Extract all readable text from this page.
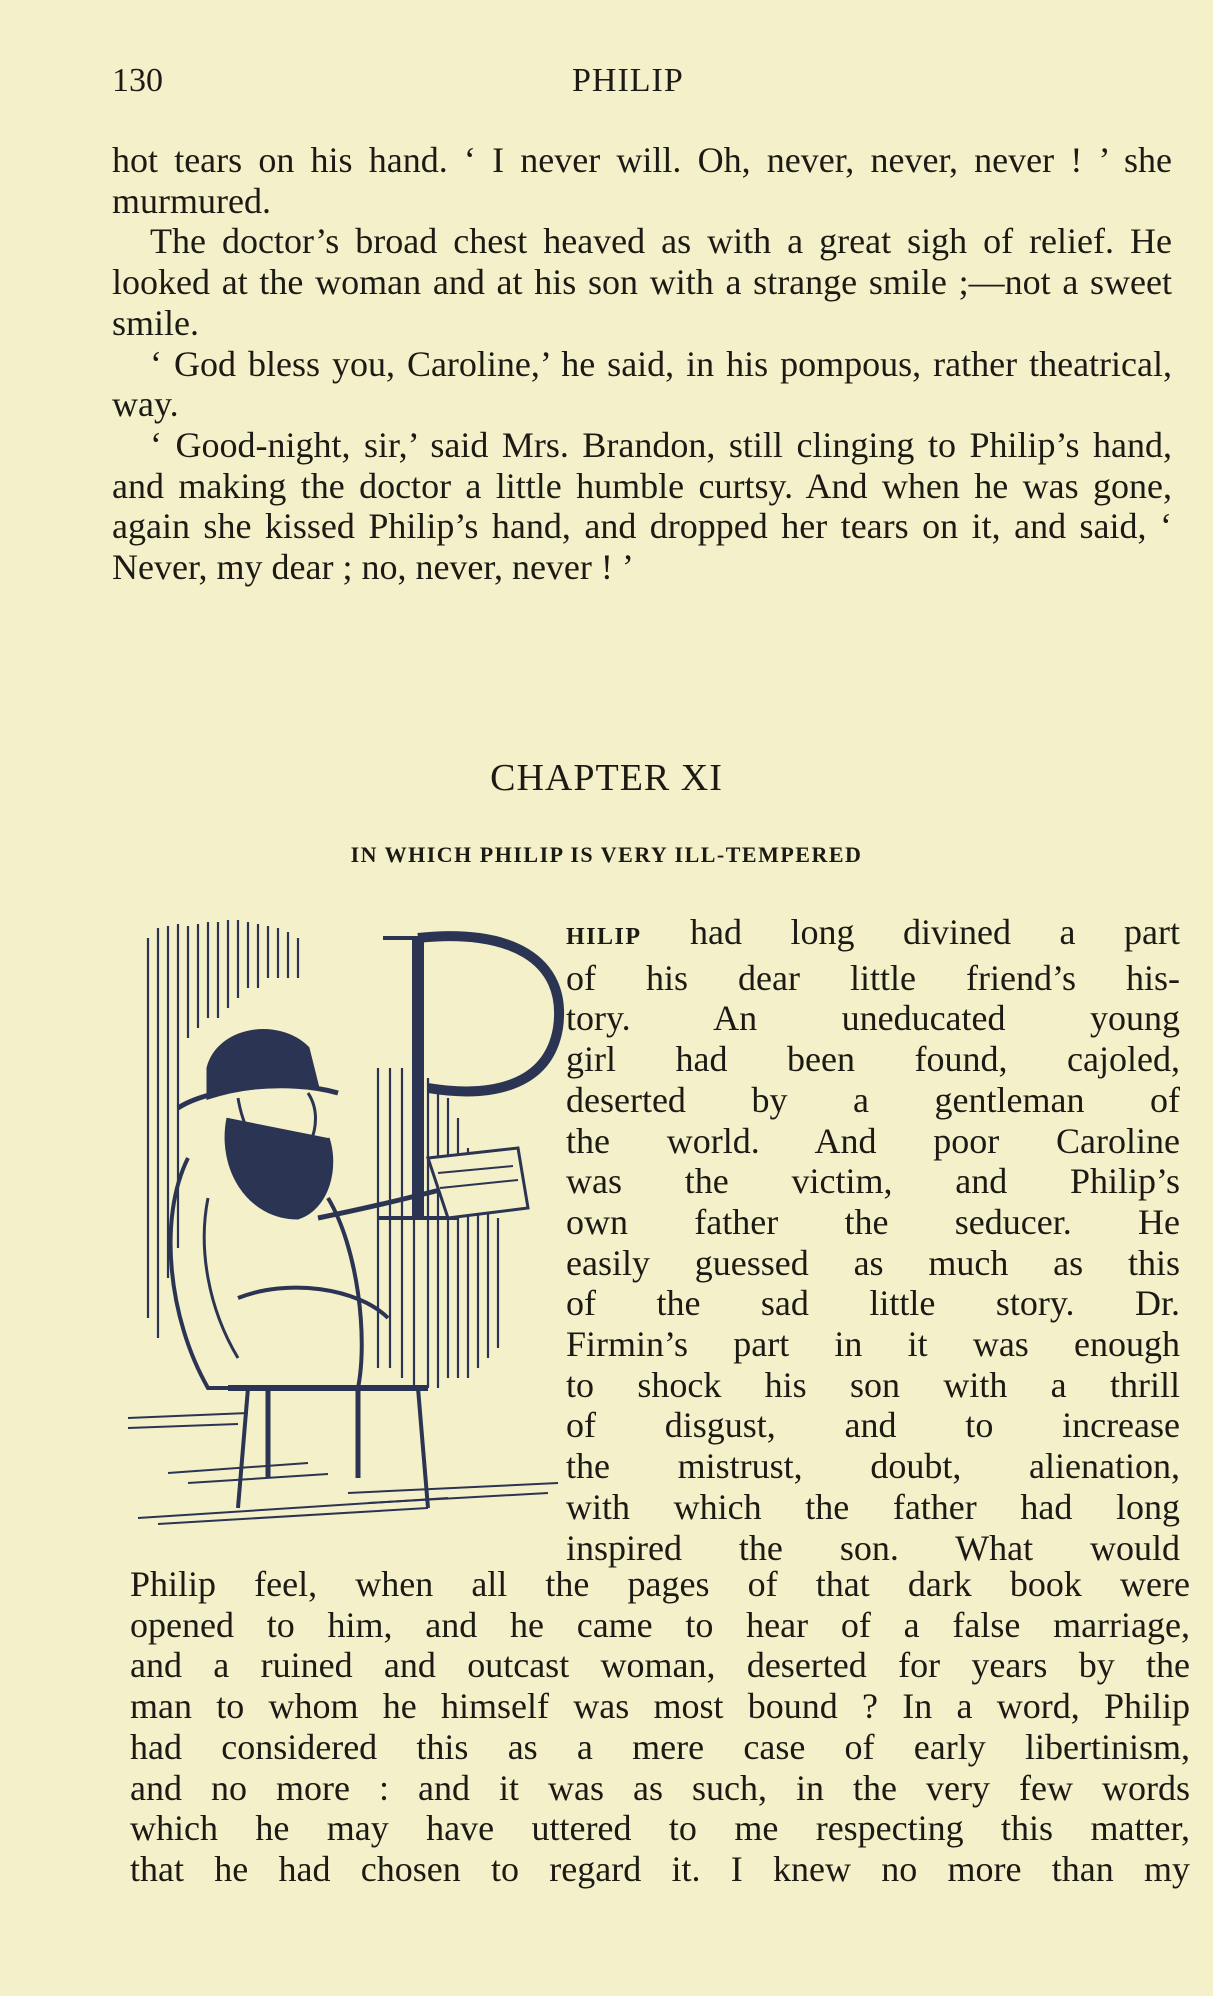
130	PHILIP

hot tears on his hand. ‘ I never will. Oh, never, never, never ! ’ she murmured.

The doctor’s broad chest heaved as with a great sigh of relief. He looked at the woman and at his son with a strange smile ;—not a sweet smile.

‘ God bless you, Caroline,’ he said, in his pompous, rather theatrical, way.

‘ Good-night, sir,’ said Mrs. Brandon, still clinging to Philip’s hand, and making the doctor a little humble curtsy. And when he was gone, again she kissed Philip’s hand, and dropped her tears on it, and said, ‘ Never, my dear ; no, never, never ! ’

CHAPTER XI
IN WHICH PHILIP IS VERY ILL-TEMPERED

HILIP had long divined a part

of his dear little friend’s his-

tory. An uneducated young

girl had been found, cajoled,

deserted by a gentleman of

the world. And poor Caroline

was the victim, and Philip’s

own father the seducer. He

easily guessed as much as this

of the sad little story. Dr.

Firmin’s part in it was enough

to shock his son with a thrill

of disgust, and to increase

the mistrust, doubt, alienation,

with which the father had long

inspired the son. What would

Philip feel, when all the pages of that dark book were

opened to him, and he came to hear of a false marriage,

and a ruined and outcast woman, deserted for years by the

man to whom he himself was most bound ? In a word, Philip

had considered this as a mere case of early libertinism,

and no more : and it was as such, in the very few words

which he may have uttered to me respecting this matter,

that he had chosen to regard it. I knew no more than my
